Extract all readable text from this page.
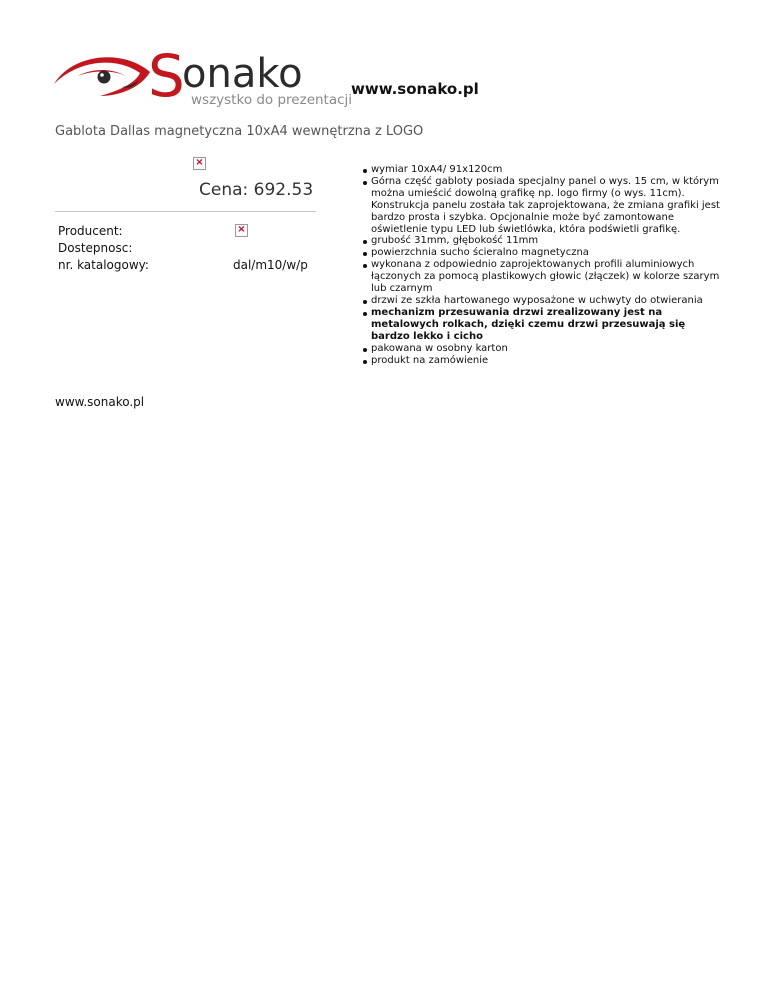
S
onako
wszystko do prezentacji
www.sonako.pl
Gablota Dallas magnetyczna 10xA4 wewnętrzna z LOGO
×
Cena: 692.53
Producent:	×
Dostepnosc:
nr. katalogowy:	dal/m10/w/p
wymiar 10xA4/ 91x120cm
Górna część gabloty posiada specjalny panel o wys. 15 cm, w którym można umieścić dowolną grafikę np. logo firmy (o wys. 11cm). Konstrukcja panelu została tak zaprojektowana, że zmiana grafiki jest bardzo prosta i szybka. Opcjonalnie może być zamontowane oświetlenie typu LED lub świetlówka, która podświetli grafikę.
grubość 31mm, głębokość 11mm
powierzchnia sucho ścieralno magnetyczna
wykonana z odpowiednio zaprojektowanych profili aluminiowych łączonych za pomocą plastikowych głowic (złączek) w kolorze szarym lub czarnym
drzwi ze szkła hartowanego wyposażone w uchwyty do otwierania
mechanizm przesuwania drzwi zrealizowany jest na metalowych rolkach, dzięki czemu drzwi przesuwają się bardzo lekko i cicho
pakowana w osobny karton
produkt na zamówienie
www.sonako.pl
